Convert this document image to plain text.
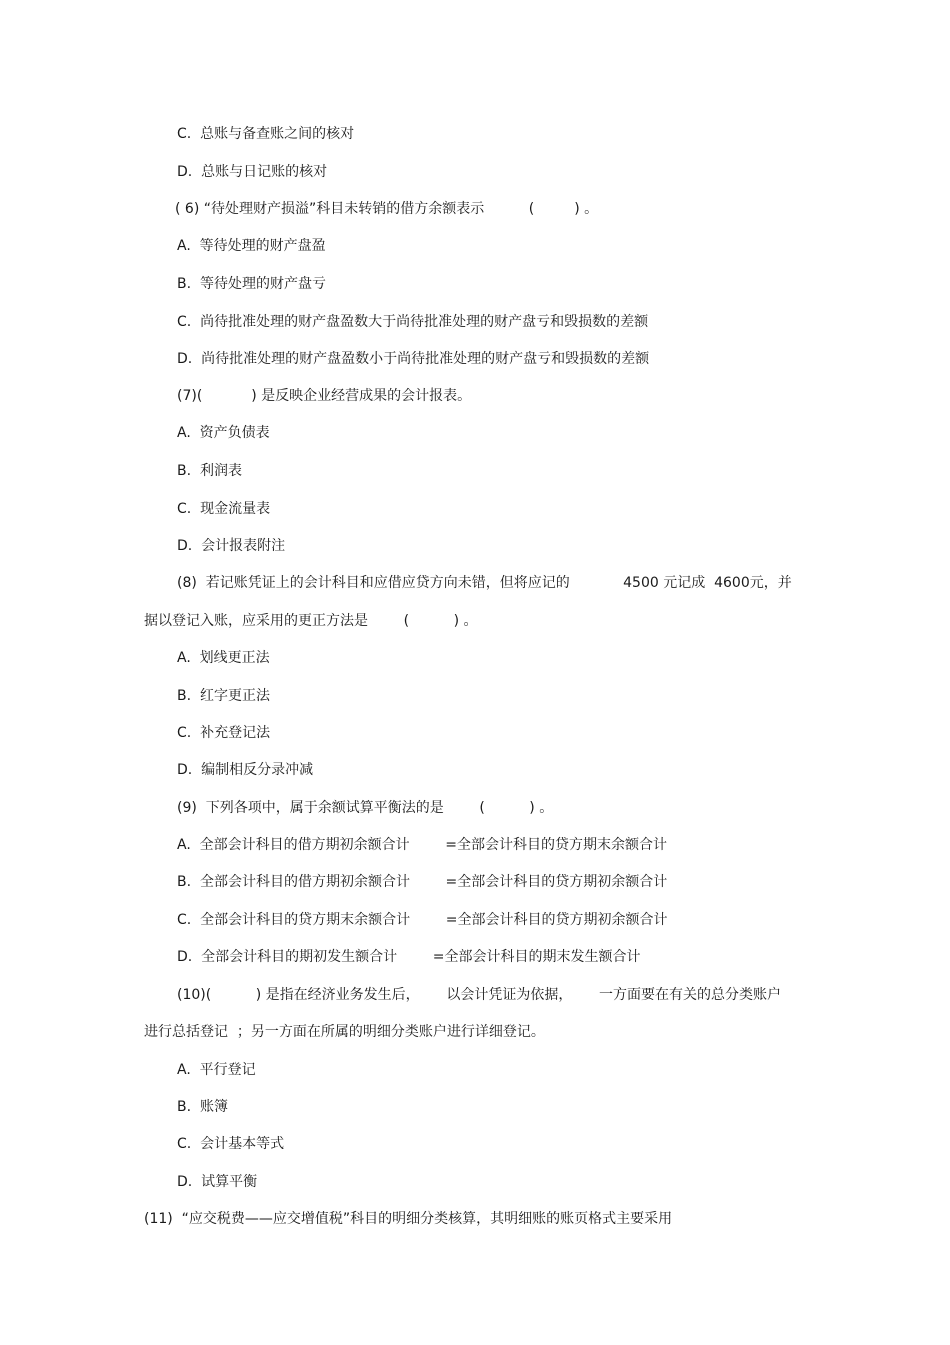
C.  总账与备查账之间的核对
D.  总账与日记账的核对
( 6) “待处理财产损溢”科目未转销的借方余额表示          (         ) 。
A.  等待处理的财产盘盈
B.  等待处理的财产盘亏
C.  尚待批准处理的财产盘盈数大于尚待批准处理的财产盘亏和毁损数的差额
D.  尚待批准处理的财产盘盈数小于尚待批准处理的财产盘亏和毁损数的差额
(7)(           ) 是反映企业经营成果的会计报表。
A.  资产负债表
B.  利润表
C.  现金流量表
D.  会计报表附注
(8)  若记账凭证上的会计科目和应借应贷方向未错，但将应记的            4500 元记成  4600元，并
据以登记入账，应采用的更正方法是        (          ) 。
A.  划线更正法
B.  红字更正法
C.  补充登记法
D.  编制相反分录冲减
(9)  下列各项中，属于余额试算平衡法的是        (          ) 。
A.  全部会计科目的借方期初余额合计        =全部会计科目的贷方期末余额合计
B.  全部会计科目的借方期初余额合计        =全部会计科目的贷方期初余额合计
C.  全部会计科目的贷方期末余额合计        =全部会计科目的贷方期初余额合计
D.  全部会计科目的期初发生额合计        =全部会计科目的期末发生额合计
(10)(          ) 是指在经济业务发生后，      以会计凭证为依据，      一方面要在有关的总分类账户
进行总括登记  ；另一方面在所属的明细分类账户进行详细登记。
A.  平行登记
B.  账簿
C.  会计基本等式
D.  试算平衡
(11)  “应交税费——应交增值税”科目的明细分类核算，其明细账的账页格式主要采用
